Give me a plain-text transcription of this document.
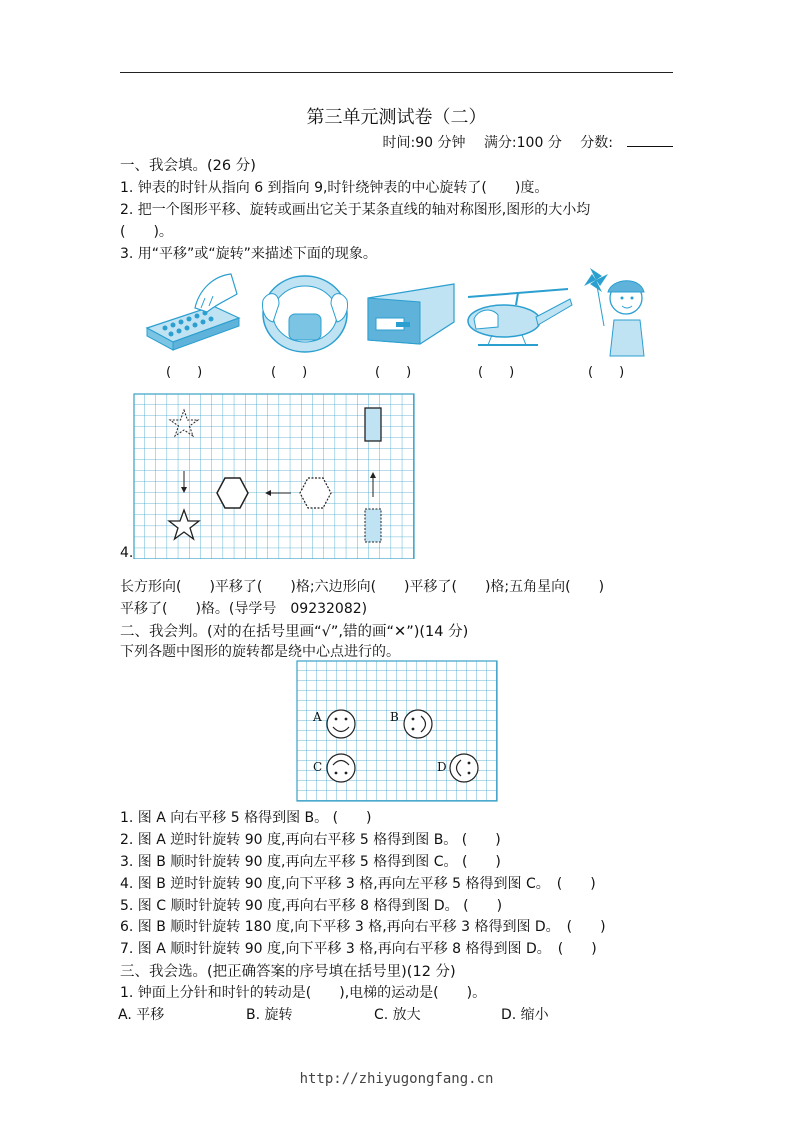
第三单元测试卷（二）
时间:90 分钟 满分:100 分 分数:
一、我会填。(26 分)
1. 钟表的时针从指向 6 到指向 9,时针绕钟表的中心旋转了(　　)度。
2. 把一个图形平移、旋转或画出它关于某条直线的轴对称图形,图形的大小均
(　　)。
3. 用“平移”或“旋转”来描述下面的现象。
(　　)	(　　)	(　　)	(　　)	(　　)
4.
长方形向(　　)平移了(　　)格;六边形向(　　)平移了(　　)格;五角星向(　　)
平移了(　　)格。(导学号　09232082)
二、我会判。(对的在括号里画“√”,错的画“✕”)(14 分)
下列各题中图形的旋转都是绕中心点进行的。
A	B
C	D
1. 图 A 向右平移 5 格得到图 B。 (　　)
2. 图 A 逆时针旋转 90 度,再向右平移 5 格得到图 B。 (　　)
3. 图 B 顺时针旋转 90 度,再向左平移 5 格得到图 C。 (　　)
4. 图 B 逆时针旋转 90 度,向下平移 3 格,再向左平移 5 格得到图 C。　(　　)
5. 图 C 顺时针旋转 90 度,再向右平移 8 格得到图 D。 (　　)
6. 图 B 顺时针旋转 180 度,向下平移 3 格,再向右平移 3 格得到图 D。　(　　)
7. 图 A 顺时针旋转 90 度,向下平移 3 格,再向右平移 8 格得到图 D。　(　　)
三、我会选。(把正确答案的序号填在括号里)(12 分)
1. 钟面上分针和时针的转动是(　　),电梯的运动是(　　)。
A. 平移	B. 旋转	C. 放大	D. 缩小
http://zhiyugongfang.cn
